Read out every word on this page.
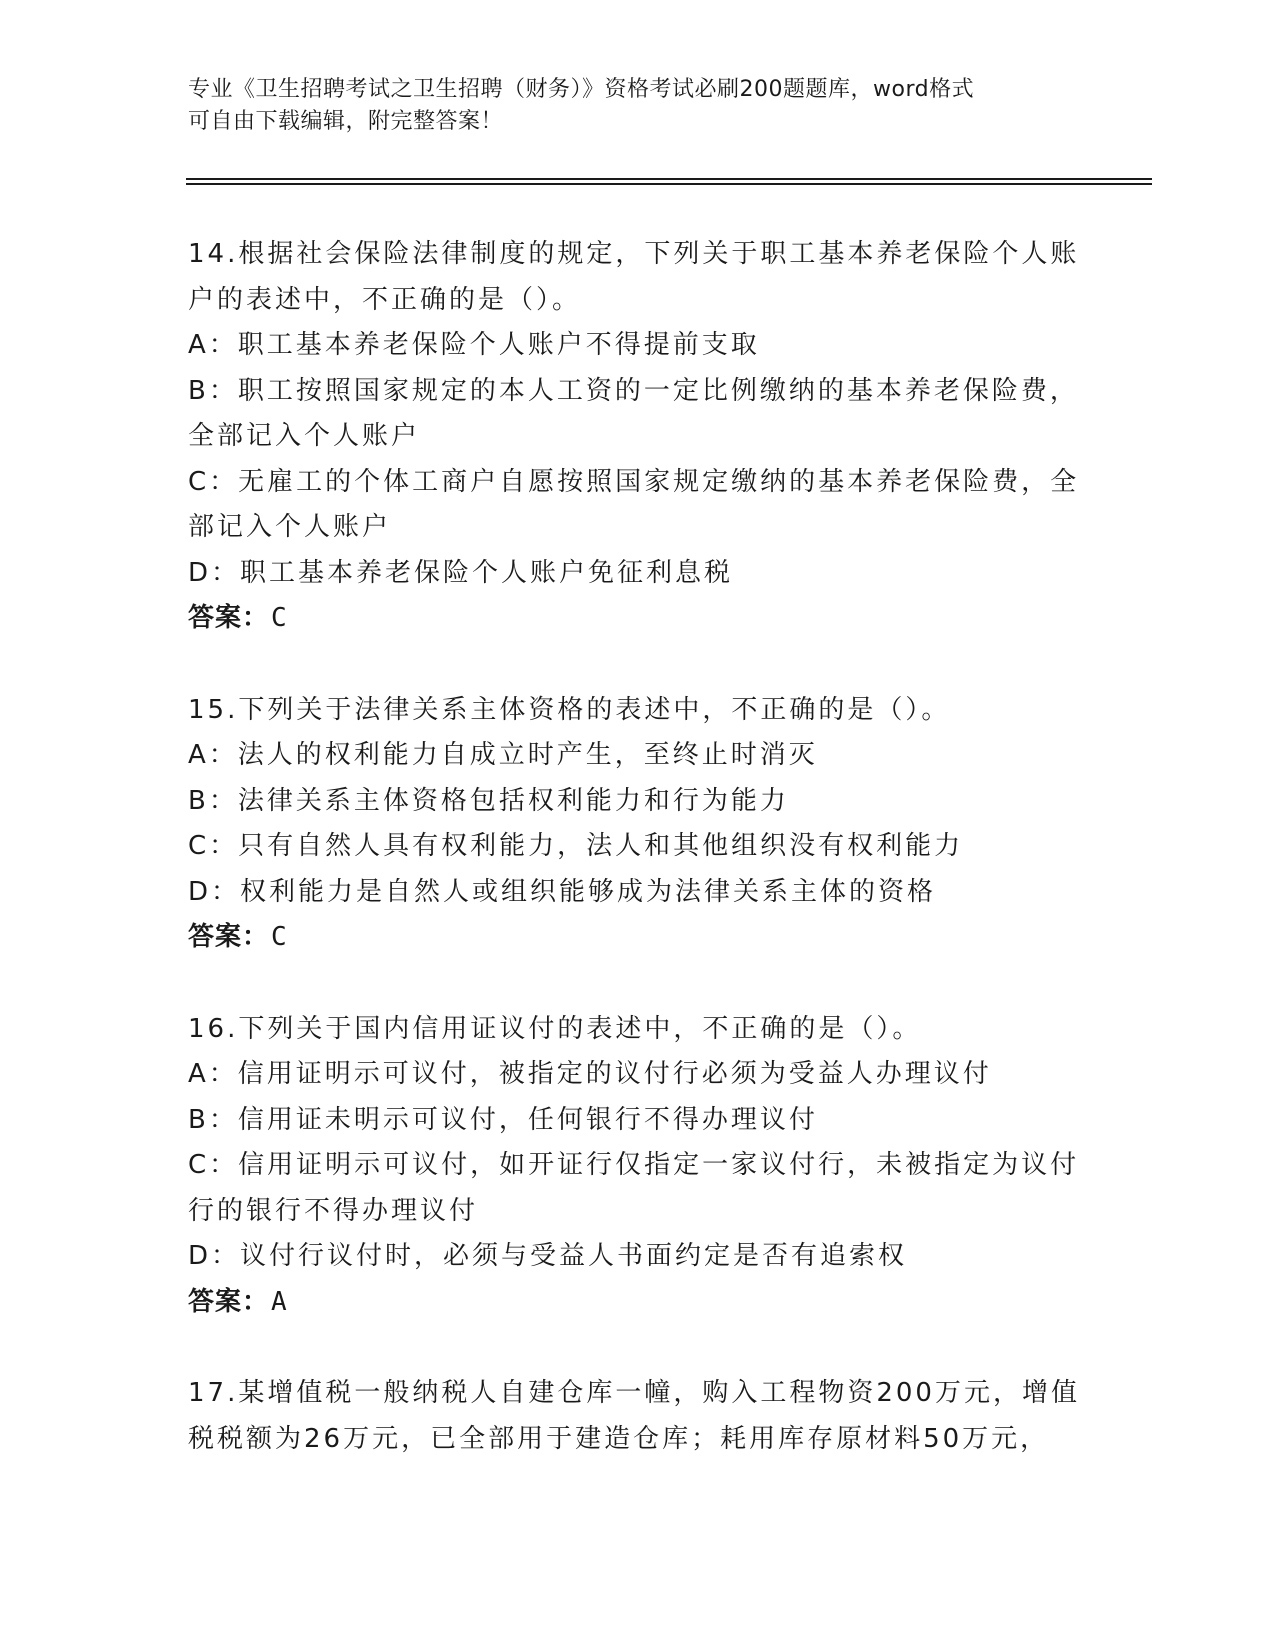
专业《卫生招聘考试之卫生招聘（财务）》资格考试必刷200题题库，word格式
可自由下载编辑，附完整答案！
14.根据社会保险法律制度的规定，下列关于职工基本养老保险个人账
户的表述中，不正确的是（）。
A：职工基本养老保险个人账户不得提前支取
B：职工按照国家规定的本人工资的一定比例缴纳的基本养老保险费，
全部记入个人账户
C：无雇工的个体工商户自愿按照国家规定缴纳的基本养老保险费，全
部记入个人账户
D：职工基本养老保险个人账户免征利息税
答案：C
15.下列关于法律关系主体资格的表述中，不正确的是（）。
A：法人的权利能力自成立时产生，至终止时消灭
B：法律关系主体资格包括权利能力和行为能力
C：只有自然人具有权利能力，法人和其他组织没有权利能力
D：权利能力是自然人或组织能够成为法律关系主体的资格
答案：C
16.下列关于国内信用证议付的表述中，不正确的是（）。
A：信用证明示可议付，被指定的议付行必须为受益人办理议付
B：信用证未明示可议付，任何银行不得办理议付
C：信用证明示可议付，如开证行仅指定一家议付行，未被指定为议付
行的银行不得办理议付
D：议付行议付时，必须与受益人书面约定是否有追索权
答案：A
17.某增值税一般纳税人自建仓库一幢，购入工程物资200万元，增值
税税额为26万元，已全部用于建造仓库；耗用库存原材料50万元，
